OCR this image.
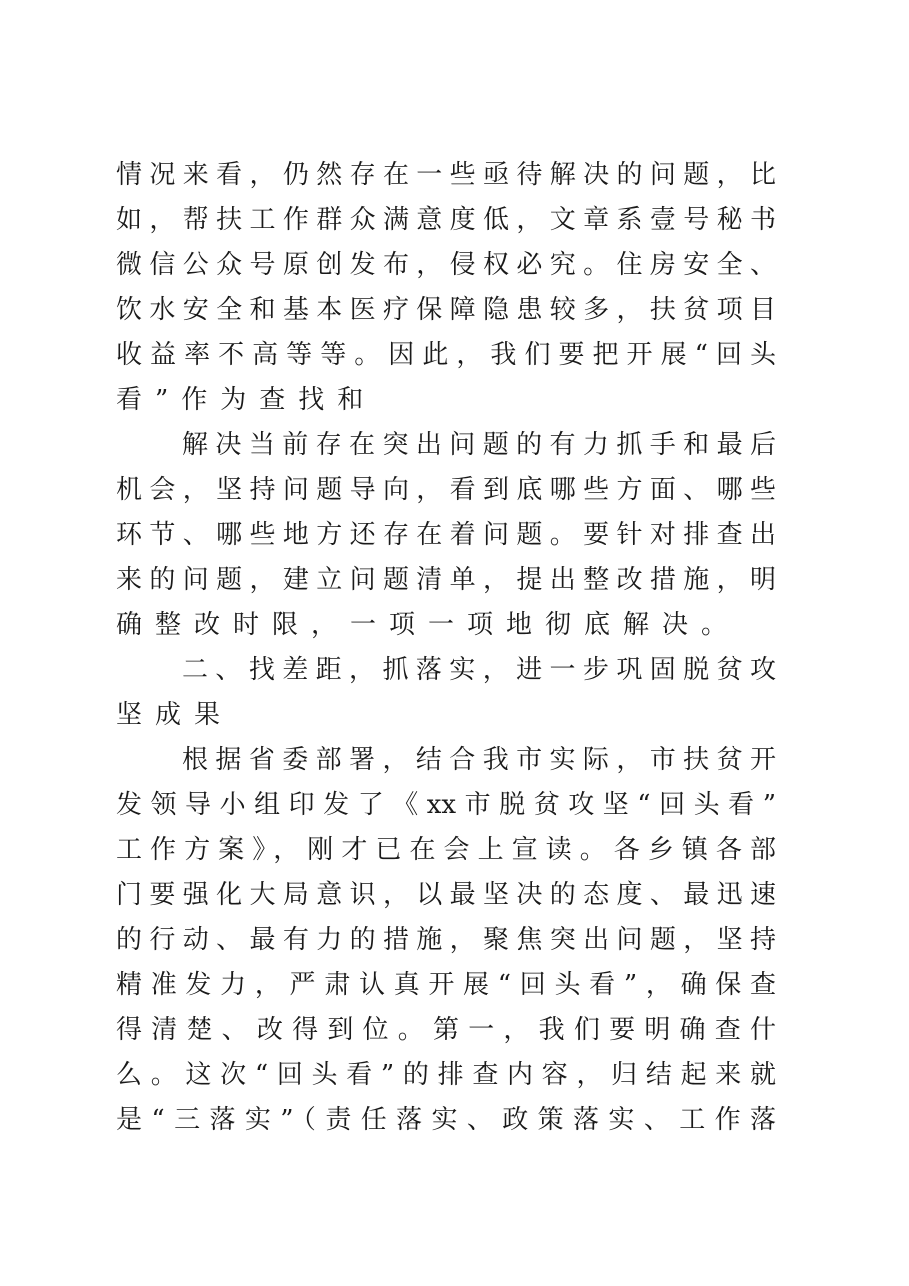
情况来看，仍然存在一些亟待解决的问题，比
如，帮扶工作群众满意度低，文章系壹号秘书
微信公众号原创发布，侵权必究。住房安全、
饮水安全和基本医疗保障隐患较多，扶贫项目
收益率不高等等。因此，我们要把开展“回头
看”作为查找和
解决当前存在突出问题的有力抓手和最后
机会，坚持问题导向，看到底哪些方面、哪些
环节、哪些地方还存在着问题。要针对排查出
来的问题，建立问题清单，提出整改措施，明
确整改时限，一项一项地彻底解决。
二、找差距，抓落实，进一步巩固脱贫攻
坚成果
根据省委部署，结合我市实际，市扶贫开
发领导小组印发了《xx市脱贫攻坚“回头看”
工作方案》，刚才已在会上宣读。各乡镇各部
门要强化大局意识，以最坚决的态度、最迅速
的行动、最有力的措施，聚焦突出问题，坚持
精准发力，严肃认真开展“回头看”，确保查
得清楚、改得到位。第一，我们要明确查什
么。这次“回头看”的排查内容，归结起来就
是“三落实”（责任落实、政策落实、工作落
